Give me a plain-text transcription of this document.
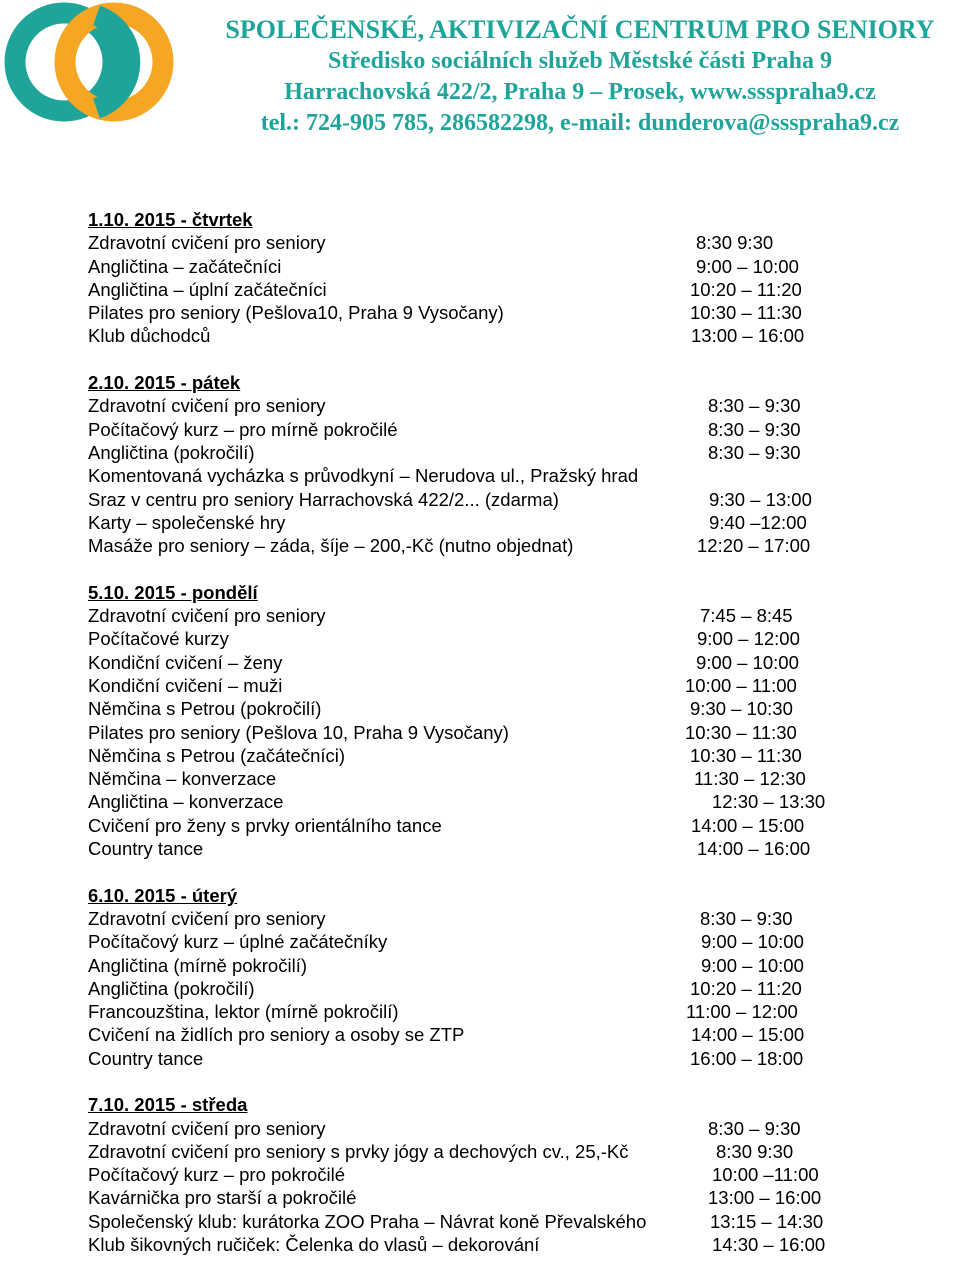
SPOLEČENSKÉ, AKTIVIZAČNÍ CENTRUM PRO SENIORY
Středisko sociálních služeb Městské části Praha 9
Harrachovská 422/2, Praha 9 – Prosek, www.ssspraha9.cz
tel.: 724-905 785, 286582298, e-mail: dunderova@ssspraha9.cz
1.10. 2015 - čtvrtek
Zdravotní cvičení pro seniory	8:30 9:30
Angličtina – začátečníci	9:00 – 10:00
Angličtina – úplní začátečníci	10:20 – 11:20
Pilates pro seniory (Pešlova10, Praha 9 Vysočany)	10:30 – 11:30
Klub důchodců	13:00 – 16:00
2.10. 2015 - pátek
Zdravotní cvičení pro seniory	8:30 – 9:30
Počítačový kurz – pro mírně pokročilé	8:30 – 9:30
Angličtina (pokročilí)	8:30 – 9:30
Komentovaná vycházka s průvodkyní – Nerudova ul., Pražský hrad
Sraz v centru pro seniory Harrachovská 422/2... (zdarma)	9:30 – 13:00
Karty – společenské hry	9:40 –12:00
Masáže pro seniory – záda, šíje – 200,-Kč (nutno objednat)	12:20 – 17:00
5.10. 2015 - pondělí
Zdravotní cvičení pro seniory	7:45 – 8:45
Počítačové kurzy	9:00 – 12:00
Kondiční cvičení – ženy	9:00 – 10:00
Kondiční cvičení – muži	10:00 – 11:00
Němčina s Petrou (pokročilí)	9:30 – 10:30
Pilates pro seniory (Pešlova 10, Praha 9 Vysočany)	10:30 – 11:30
Němčina s Petrou (začátečníci)	10:30 – 11:30
Němčina – konverzace	11:30 – 12:30
Angličtina – konverzace	12:30 – 13:30
Cvičení pro ženy s prvky orientálního tance	14:00 – 15:00
Country tance	14:00 – 16:00
6.10. 2015 - úterý
Zdravotní cvičení pro seniory	8:30 – 9:30
Počítačový kurz – úplné začátečníky	9:00 – 10:00
Angličtina (mírně pokročilí)	9:00 – 10:00
Angličtina (pokročilí)	10:20 – 11:20
Francouzština, lektor (mírně pokročilí)	11:00 – 12:00
Cvičení na židlích pro seniory a osoby se ZTP	14:00 – 15:00
Country tance	16:00 – 18:00
7.10. 2015 - středa
Zdravotní cvičení pro seniory	8:30 – 9:30
Zdravotní cvičení pro seniory s prvky jógy a dechových cv., 25,-Kč	8:30 9:30
Počítačový kurz – pro pokročilé	10:00 –11:00
Kavárnička pro starší a pokročilé	13:00 – 16:00
Společenský klub: kurátorka ZOO Praha – Návrat koně Převalského	13:15 – 14:30
Klub šikovných ručiček: Čelenka do vlasů – dekorování	14:30 – 16:00
